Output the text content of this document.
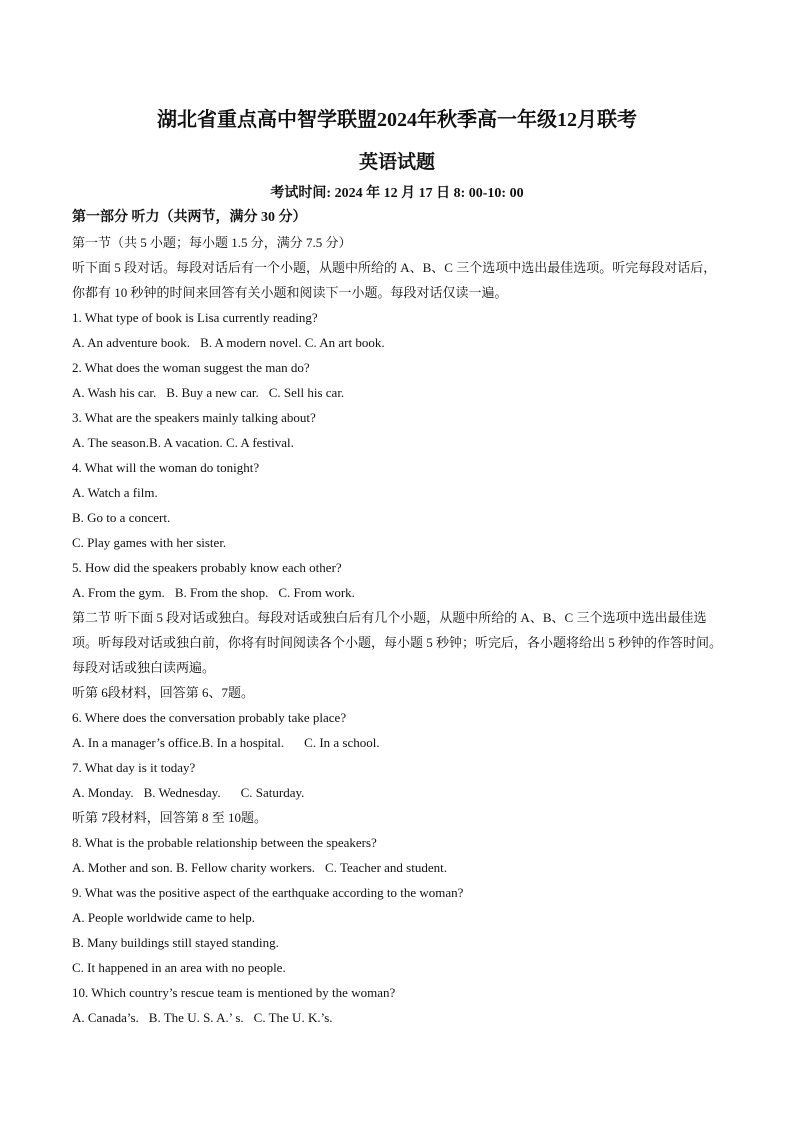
湖北省重点高中智学联盟2024年秋季高一年级12月联考
英语试题
考试时间: 2024 年 12 月 17 日 8: 00-10: 00
第一部分 听力（共两节，满分 30 分）
第一节（共 5 小题；每小题 1.5 分，满分 7.5 分）
听下面 5 段对话。每段对话后有一个小题，从题中所给的 A、B、C 三个选项中选出最佳选项。听完每段对话后，你都有 10 秒钟的时间来回答有关小题和阅读下一小题。每段对话仅读一遍。
1. What type of book is Lisa currently reading?
A. An adventure book. B. A modern novel. C. An art book.
2. What does the woman suggest the man do?
A. Wash his car. B. Buy a new car. C. Sell his car.
3. What are the speakers mainly talking about?
A. The season.B. A vacation. C. A festival.
4. What will the woman do tonight?
A. Watch a film.
B. Go to a concert.
C. Play games with her sister.
5. How did the speakers probably know each other?
A. From the gym. B. From the shop. C. From work.
第二节 听下面 5 段对话或独白。每段对话或独白后有几个小题，从题中所给的 A、B、C 三个选项中选出最佳选项。听每段对话或独白前，你将有时间阅读各个小题，每小题 5 秒钟；听完后，各小题将给出 5 秒钟的作答时间。每段对话或独白读两遍。
听第 6段材料，回答第 6、7题。
6. Where does the conversation probably take place?
A. In a manager’s office.B. In a hospital. C. In a school.
7. What day is it today?
A. Monday. B. Wednesday. C. Saturday.
听第 7段材料，回答第 8 至 10题。
8. What is the probable relationship between the speakers?
A. Mother and son. B. Fellow charity workers. C. Teacher and student.
9. What was the positive aspect of the earthquake according to the woman?
A. People worldwide came to help.
B. Many buildings still stayed standing.
C. It happened in an area with no people.
10. Which country’s rescue team is mentioned by the woman?
A. Canada’s. B. The U. S. A.’ s. C. The U. K.’s.
